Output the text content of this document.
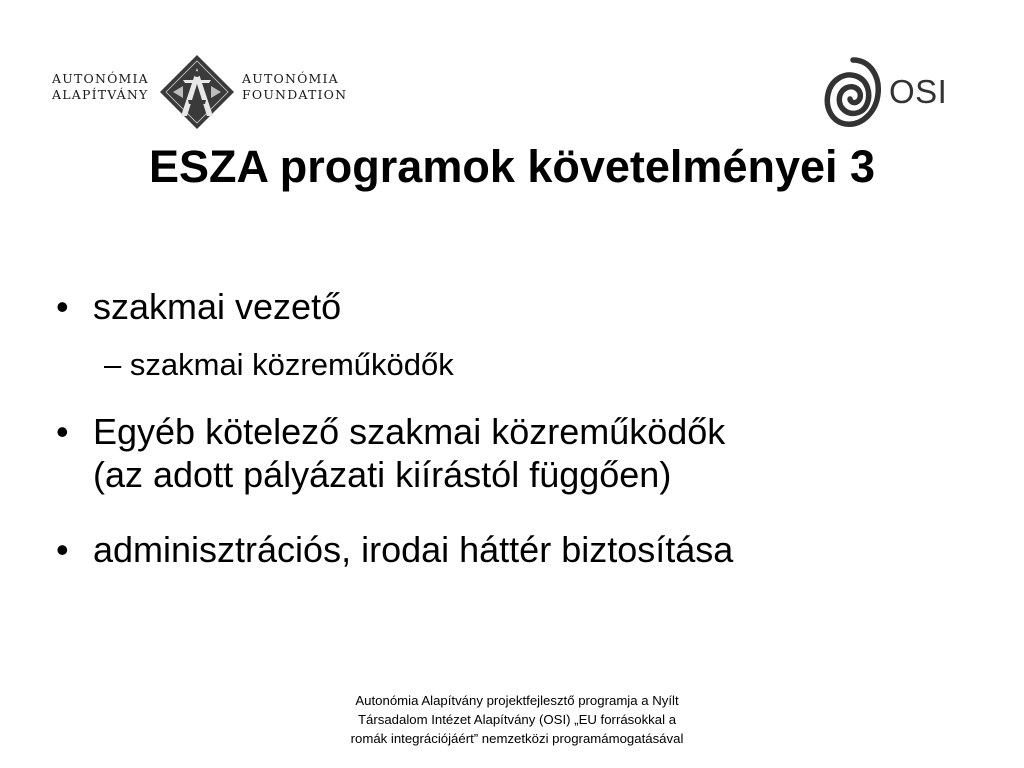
AUTONÓMIA
ALAPÍTVÁNY
AUTONÓMIA
FOUNDATION	OSI
ESZA programok követelményei 3
• szakmai vezető
– szakmai közreműködők
• Egyéb kötelező szakmai közreműködők
(az adott pályázati kiírástól függően)
• adminisztrációs, irodai háttér biztosítása
Autonómia Alapítvány projektfejlesztő programja a Nyílt
Társadalom Intézet Alapítvány (OSI) „EU forrásokkal a
romák integrációjáért” nemzetközi programámogatásával
